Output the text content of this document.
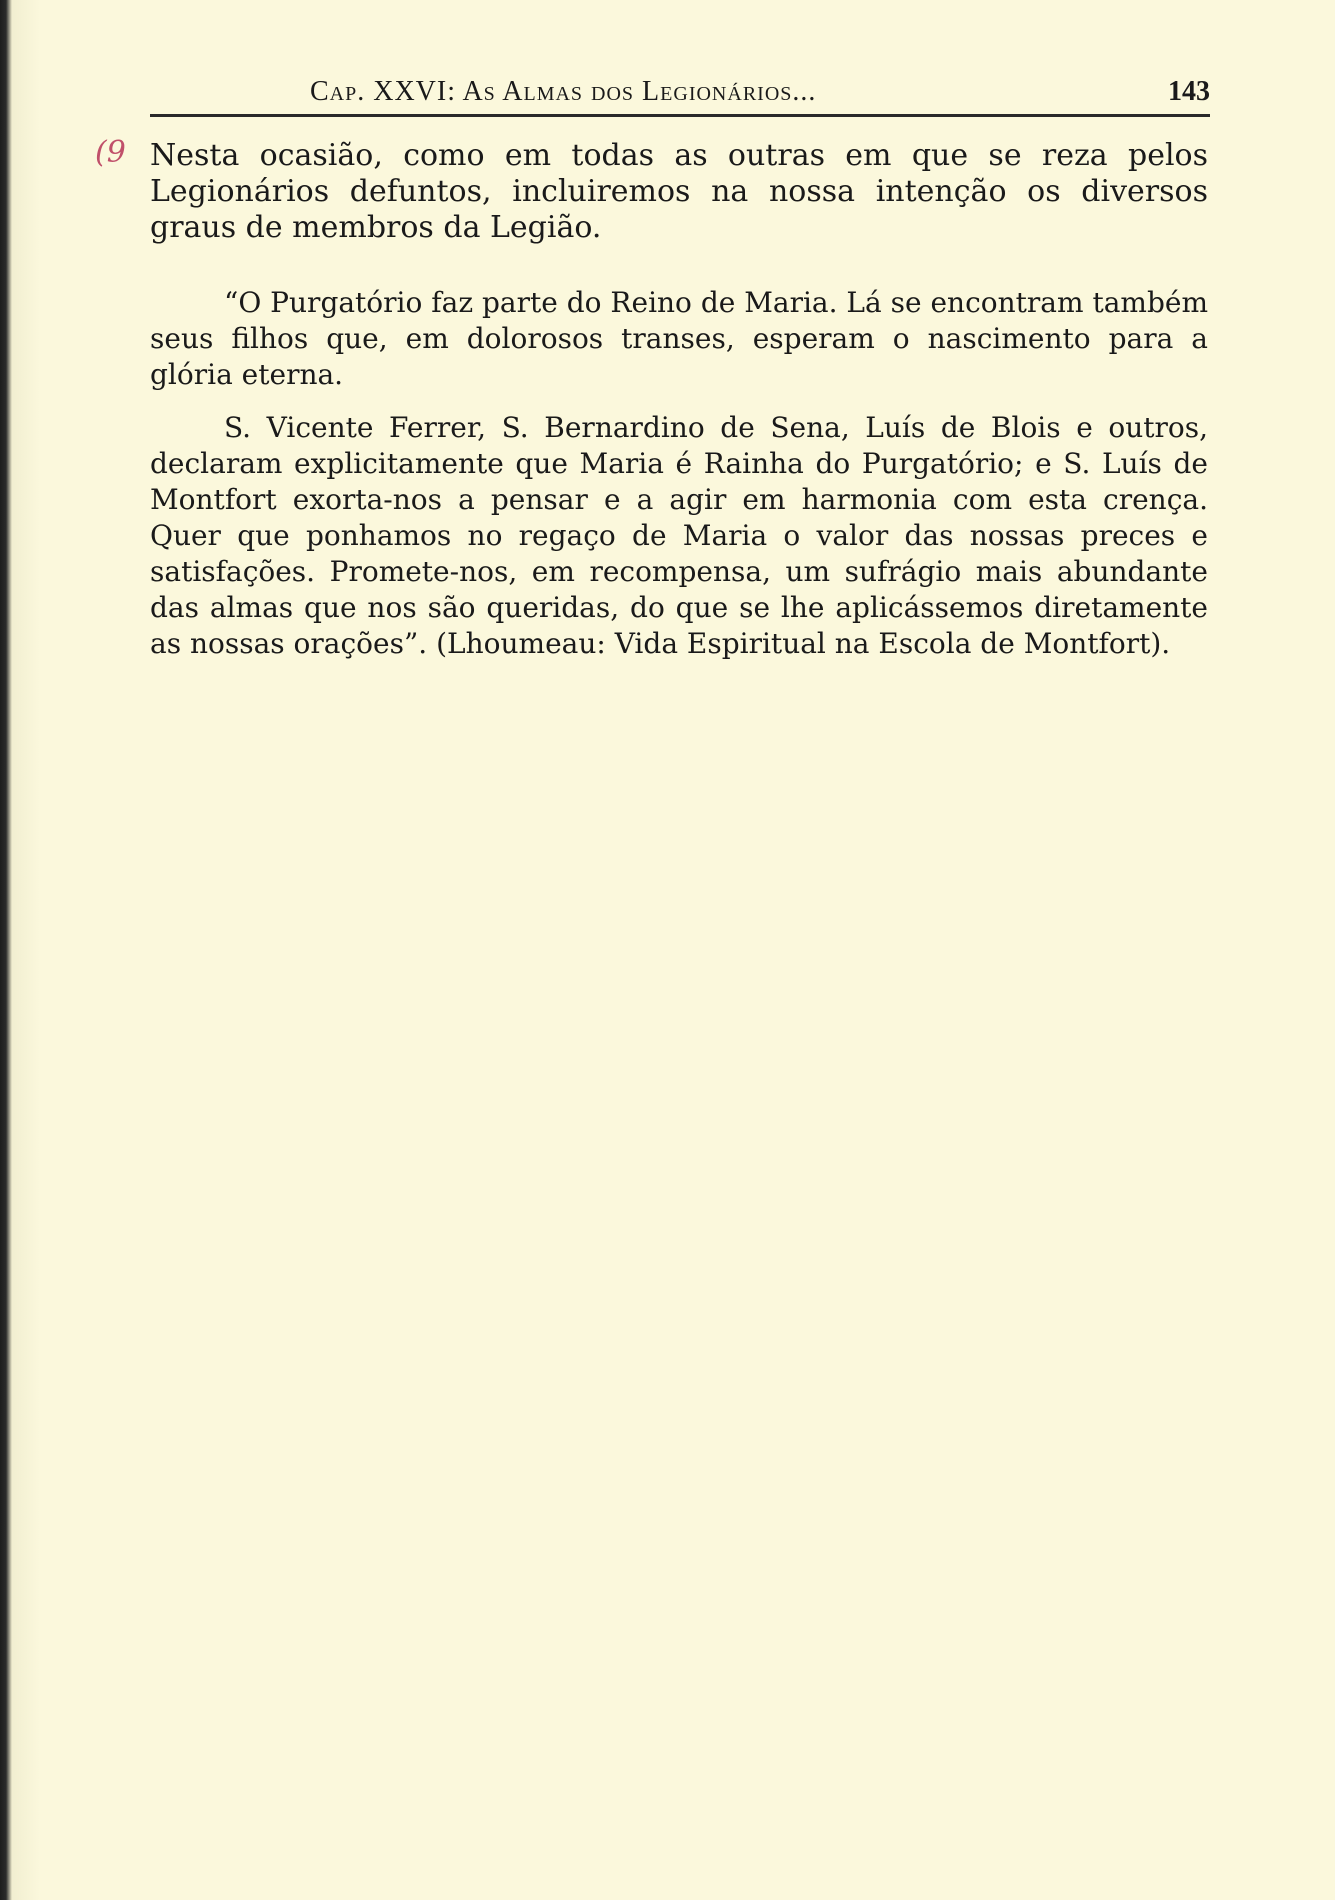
Cap. XXVI: As Almas dos Legionários...	143
(9 Nesta ocasião, como em todas as outras em que se reza pelos Legionários defuntos, incluiremos na nossa intenção os diversos graus de membros da Legião.

“O Purgatório faz parte do Reino de Maria. Lá se encontram também seus filhos que, em dolorosos transes, esperam o nascimento para a glória eterna.

S. Vicente Ferrer, S. Bernardino de Sena, Luís de Blois e outros, declaram explicitamente que Maria é Rainha do Purgatório; e S. Luís de Montfort exorta-nos a pensar e a agir em harmonia com esta crença. Quer que ponhamos no regaço de Maria o valor das nossas preces e satisfações. Promete-nos, em recompensa, um sufrágio mais abundante das almas que nos são queridas, do que se lhe aplicássemos diretamente as nossas orações”. (Lhoumeau: Vida Espiritual na Escola de Montfort).
